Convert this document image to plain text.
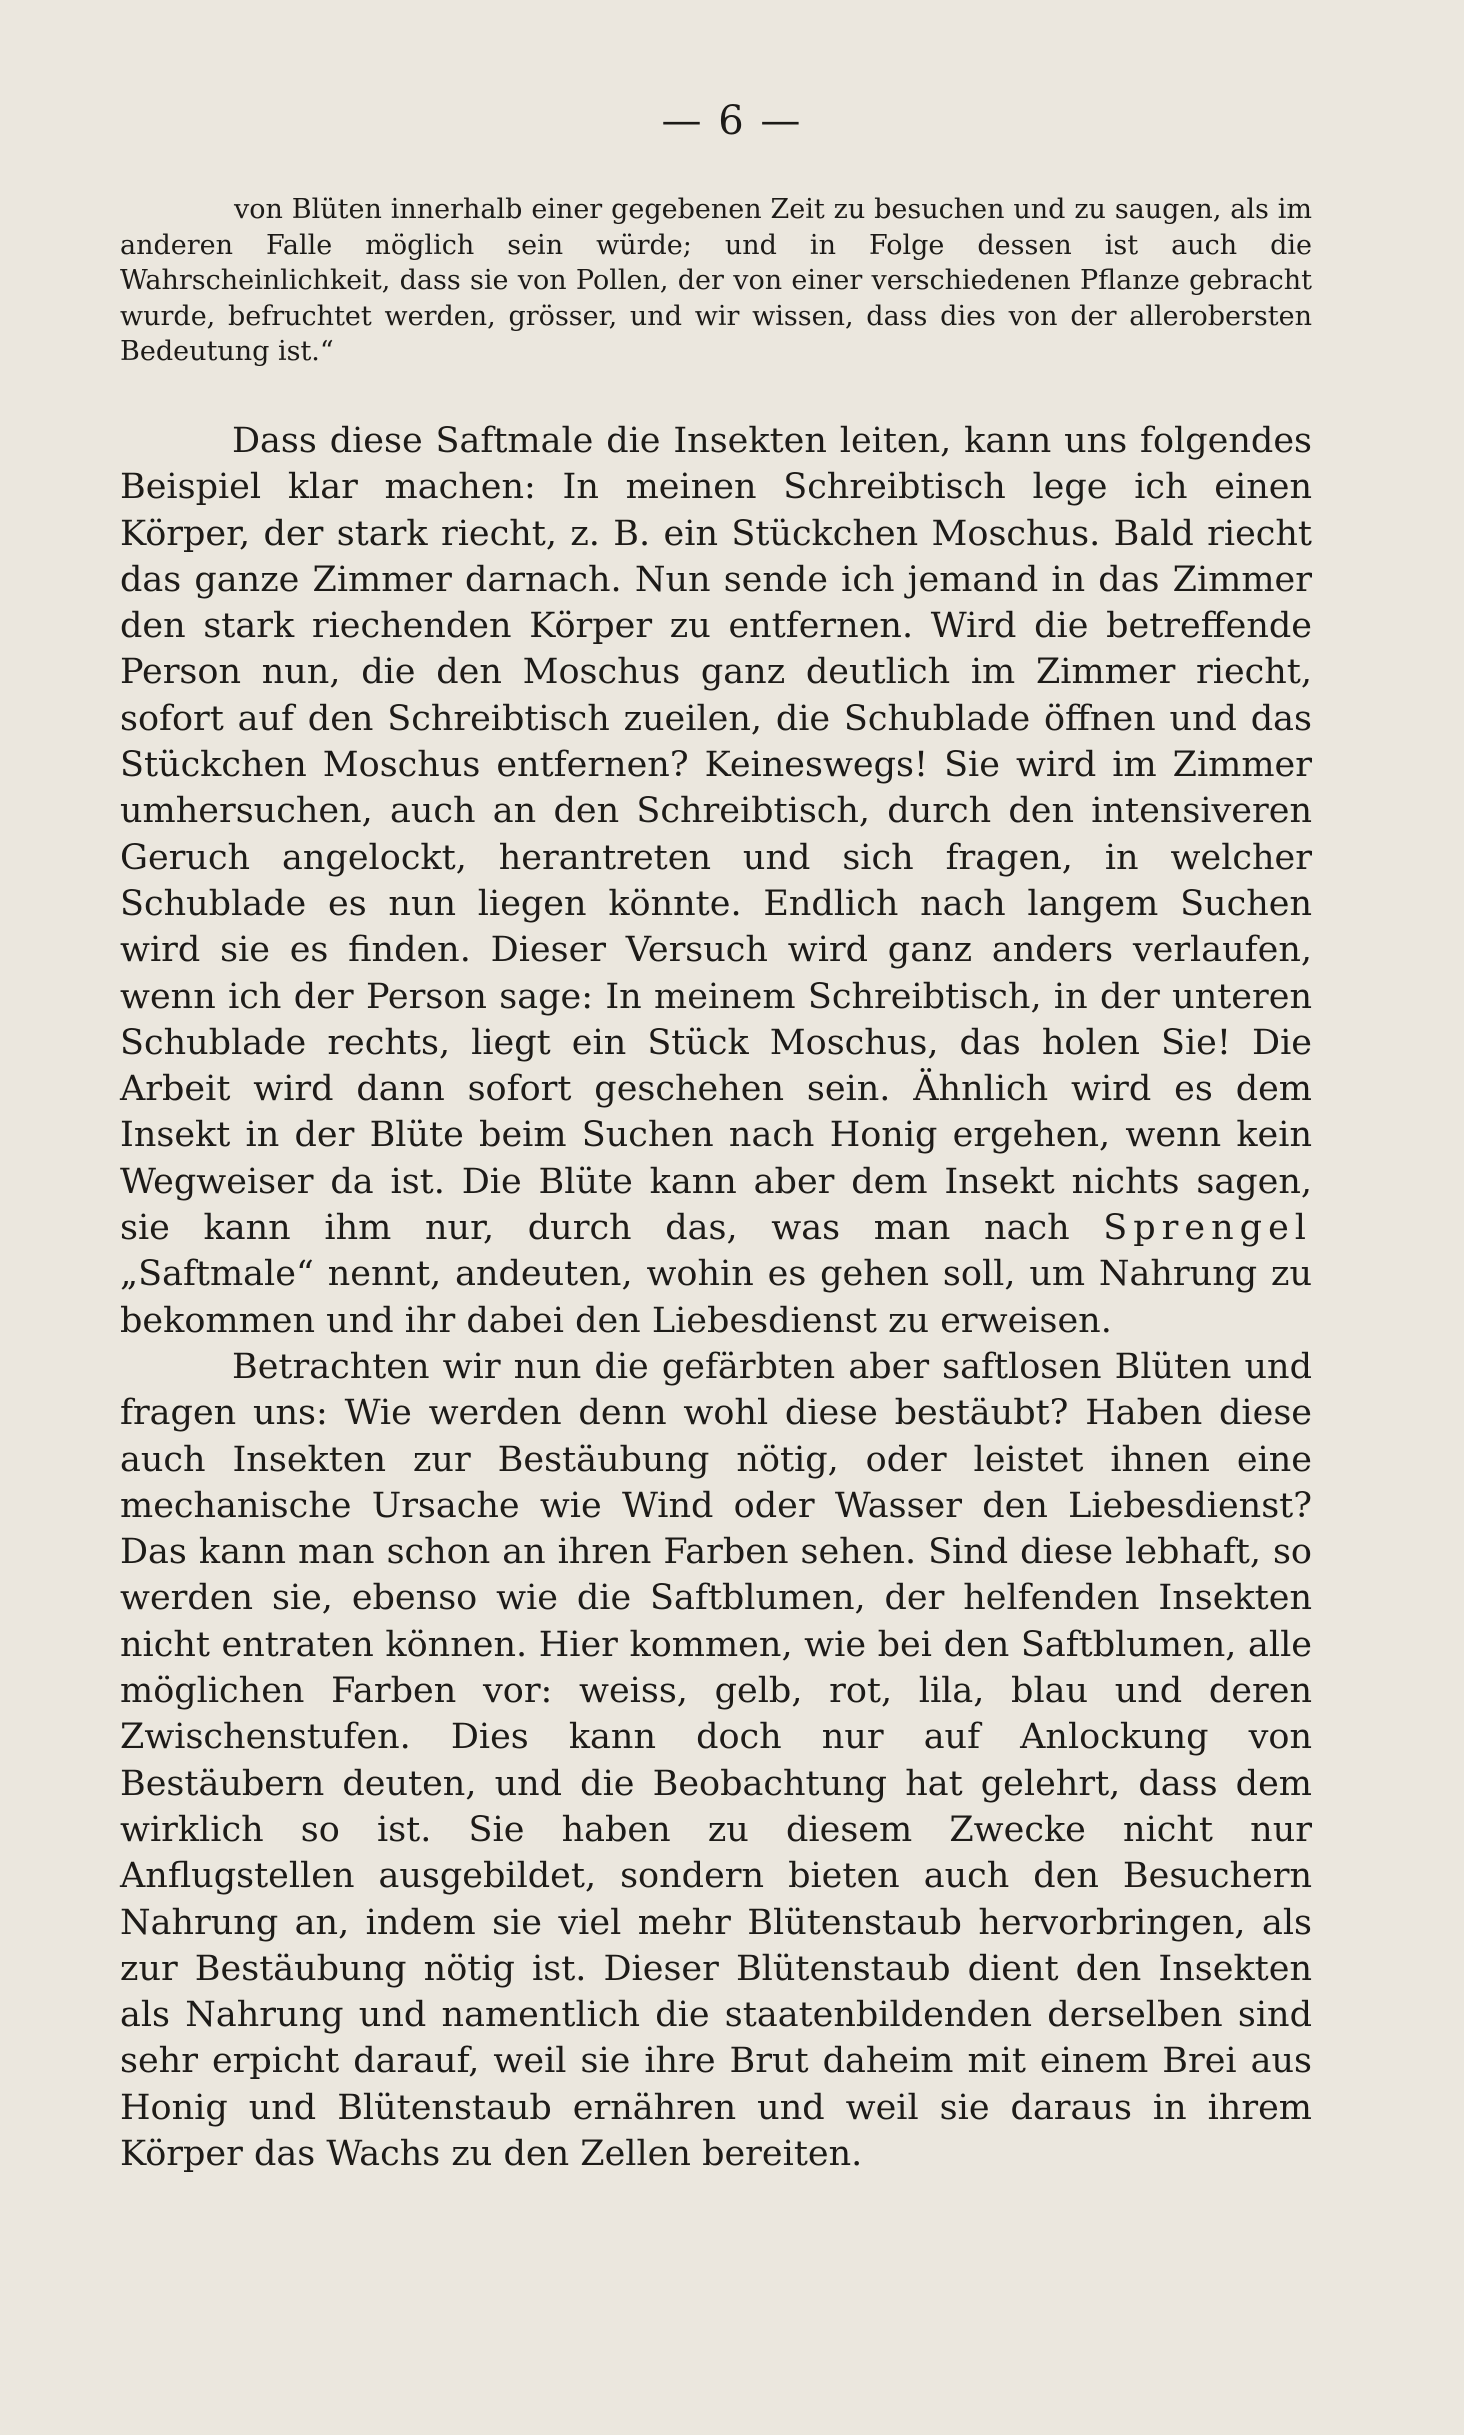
— 6 —

von Blüten innerhalb einer gegebenen Zeit zu besuchen und zu saugen, als im anderen Falle möglich sein würde; und in Folge dessen ist auch die Wahrscheinlichkeit, dass sie von Pollen, der von einer verschiedenen Pflanze gebracht wurde, befruchtet werden, grösser, und wir wissen, dass dies von der allerobersten Bedeutung ist.“

Dass diese Saftmale die Insekten leiten, kann uns folgendes Beispiel klar machen: In meinen Schreibtisch lege ich einen Körper, der stark riecht, z. B. ein Stückchen Moschus. Bald riecht das ganze Zimmer darnach. Nun sende ich jemand in das Zimmer den stark riechenden Körper zu entfernen. Wird die betreffende Person nun, die den Moschus ganz deutlich im Zimmer riecht, sofort auf den Schreibtisch zueilen, die Schublade öffnen und das Stückchen Moschus entfernen? Keineswegs! Sie wird im Zimmer umhersuchen, auch an den Schreibtisch, durch den intensiveren Geruch angelockt, herantreten und sich fragen, in welcher Schublade es nun liegen könnte. Endlich nach langem Suchen wird sie es finden. Dieser Versuch wird ganz anders verlaufen, wenn ich der Person sage: In meinem Schreibtisch, in der unteren Schublade rechts, liegt ein Stück Moschus, das holen Sie! Die Arbeit wird dann sofort geschehen sein. Ähnlich wird es dem Insekt in der Blüte beim Suchen nach Honig ergehen, wenn kein Wegweiser da ist. Die Blüte kann aber dem Insekt nichts sagen, sie kann ihm nur, durch das, was man nach Sprengel „Saftmale“ nennt, andeuten, wohin es gehen soll, um Nahrung zu bekommen und ihr dabei den Liebesdienst zu erweisen.

Betrachten wir nun die gefärbten aber saftlosen Blüten und fragen uns: Wie werden denn wohl diese bestäubt? Haben diese auch Insekten zur Bestäubung nötig, oder leistet ihnen eine mechanische Ursache wie Wind oder Wasser den Liebesdienst? Das kann man schon an ihren Farben sehen. Sind diese lebhaft, so werden sie, ebenso wie die Saftblumen, der helfenden Insekten nicht entraten können. Hier kommen, wie bei den Saftblumen, alle möglichen Farben vor: weiss, gelb, rot, lila, blau und deren Zwischenstufen. Dies kann doch nur auf Anlockung von Bestäubern deuten, und die Beobachtung hat gelehrt, dass dem wirklich so ist. Sie haben zu diesem Zwecke nicht nur Anflugstellen ausgebildet, sondern bieten auch den Besuchern Nahrung an, indem sie viel mehr Blütenstaub hervorbringen, als zur Bestäubung nötig ist. Dieser Blütenstaub dient den Insekten als Nahrung und namentlich die staatenbildenden derselben sind sehr erpicht darauf, weil sie ihre Brut daheim mit einem Brei aus Honig und Blütenstaub ernähren und weil sie daraus in ihrem Körper das Wachs zu den Zellen bereiten.
